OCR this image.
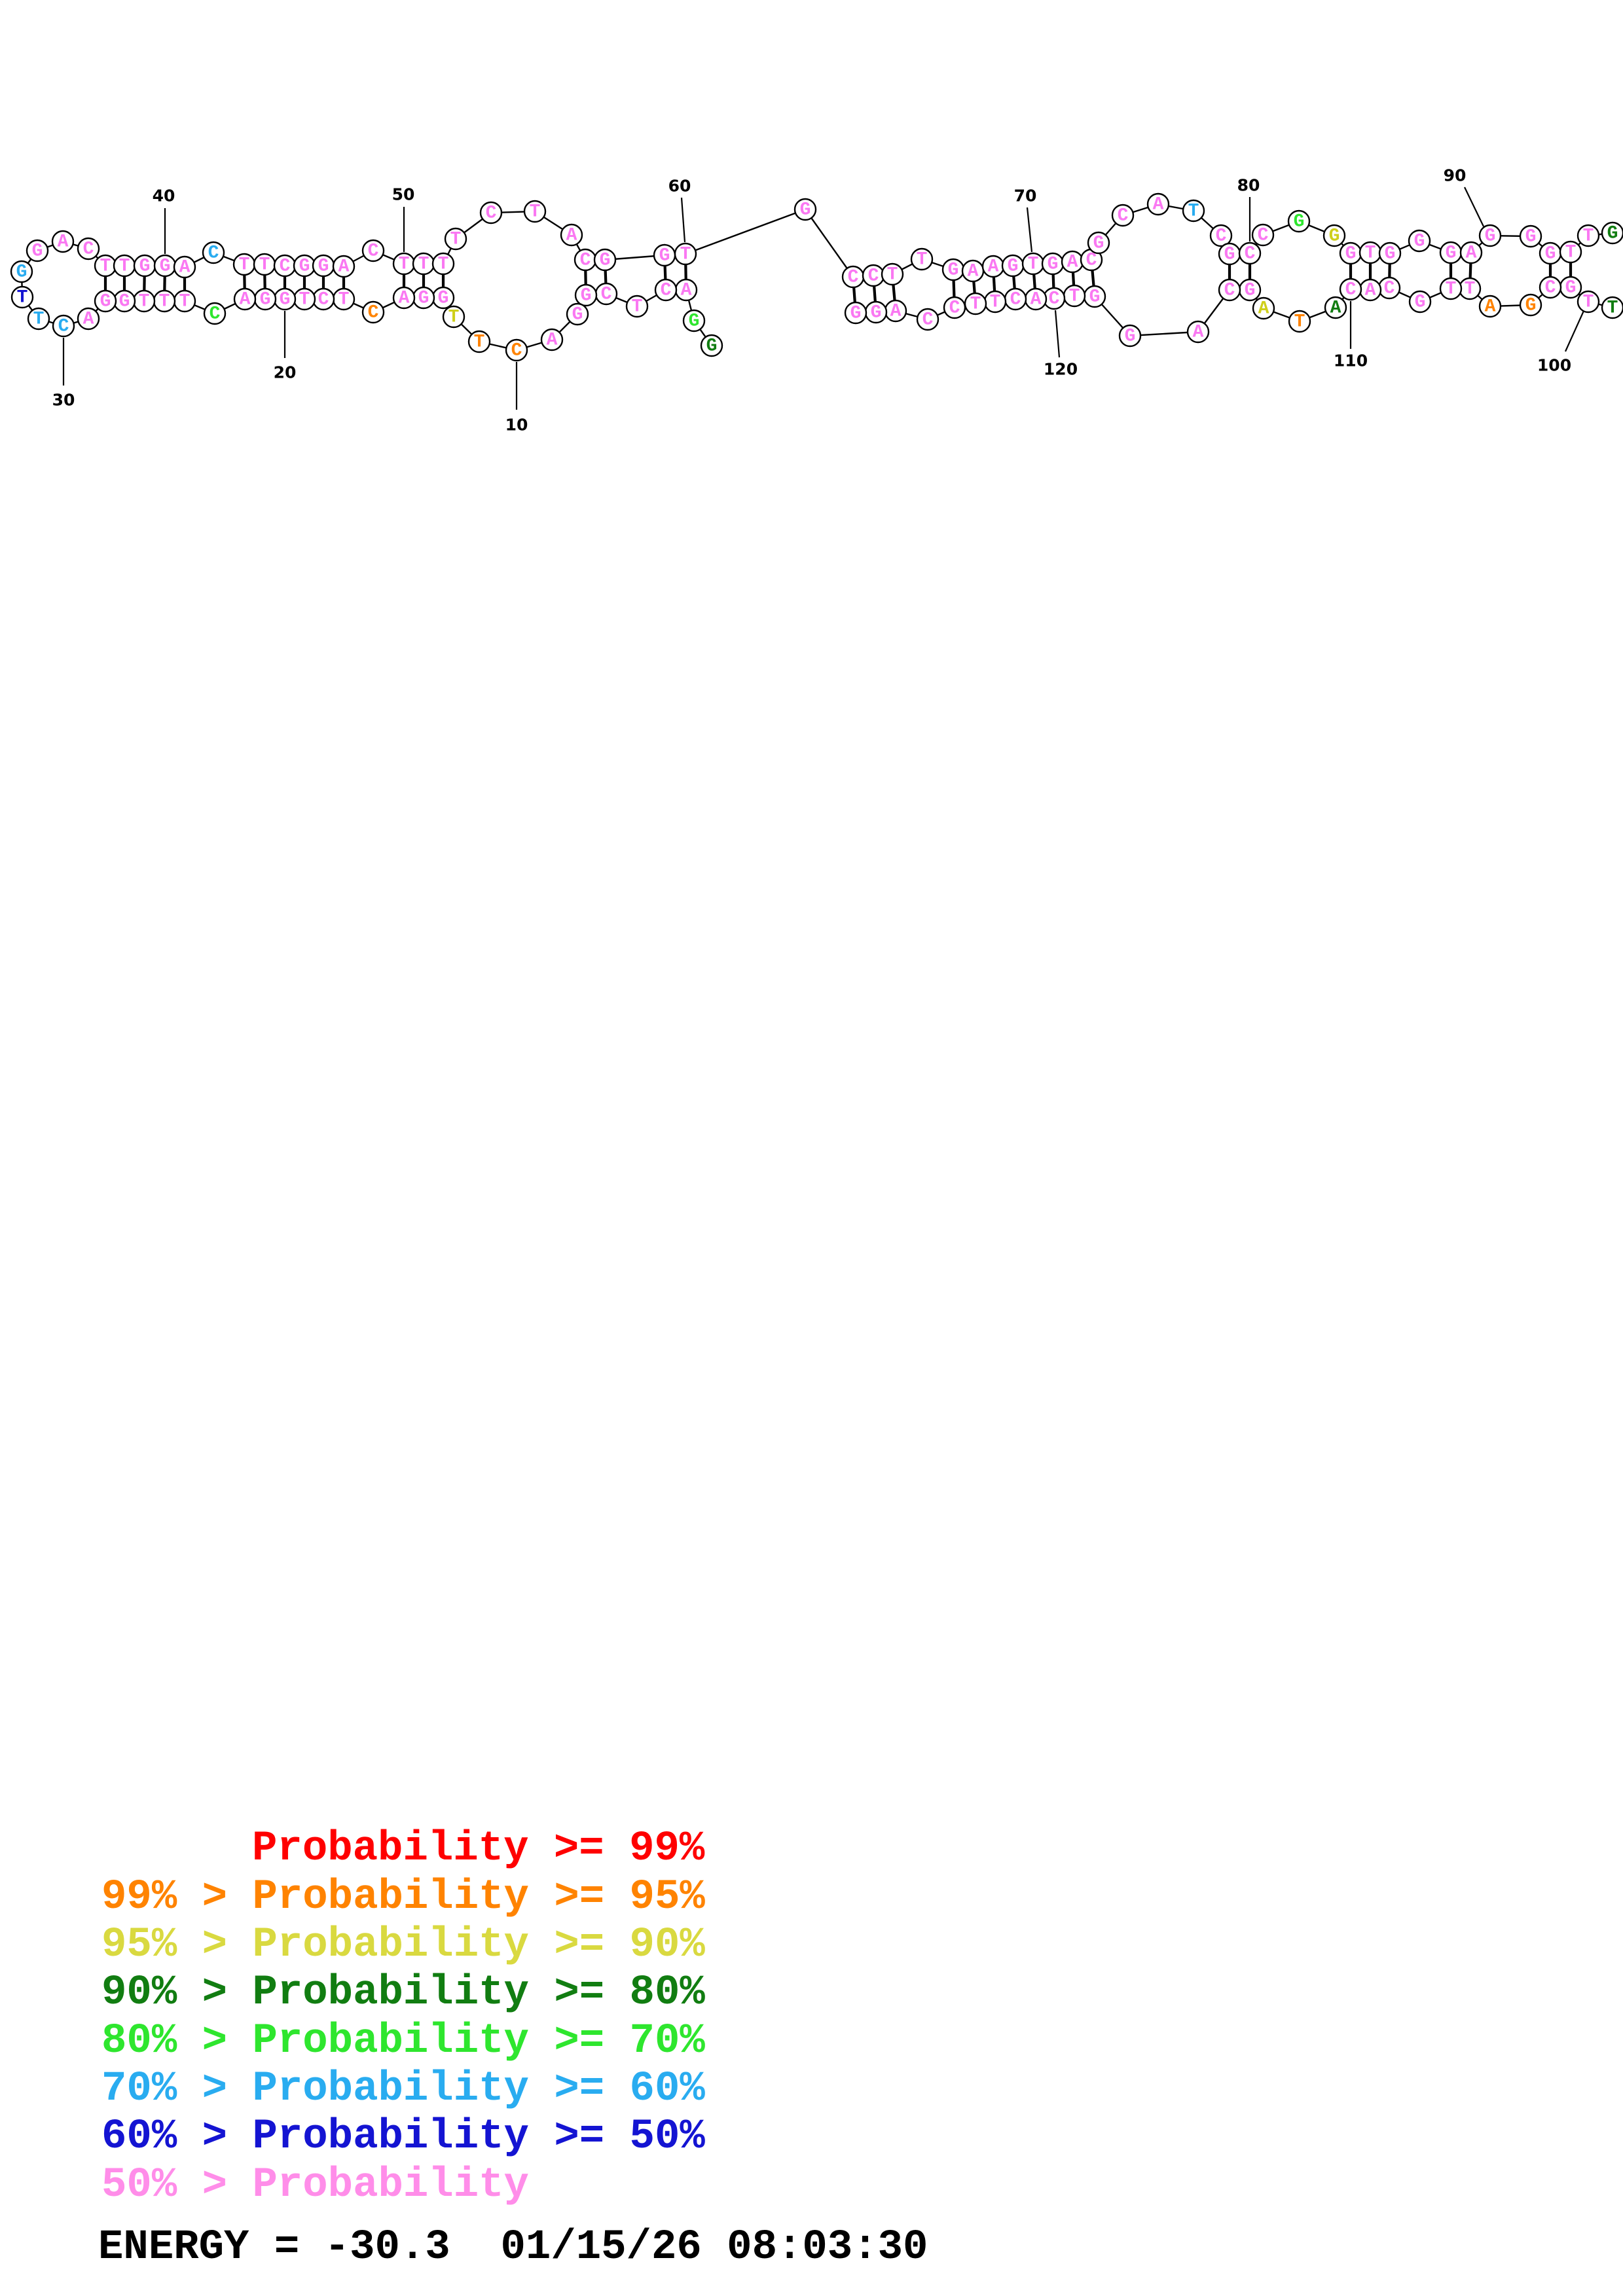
G
G
A
C
T
C
G
G
A
C
T
T
G
G
A
C
T
C
T
G
G
A
C
T
T
T
G
G
A
C
T
T
G
G A C
T T G G A
C
T T C G G A
C
T T T
T
C T
A
C G	G T
G
C C T
T
G A A G T G A C
G
C
A T
C
G C
C
G
G
G T G
G
G A
G G
G T
T G
T
T
G
C
G
A
T
T
G
C
A
C
A
T
A
G
C
A
G
G
T
C
A
C
T
T
C
C
A
G
G
10
20
30
40	50	60
70
80
90
100
110
120
Probability >= 99%
99% > Probability >= 95%
95% > Probability >= 90%
90% > Probability >= 80%
80% > Probability >= 70%
70% > Probability >= 60%
60% > Probability >= 50%
50% > Probability
ENERGY = -30.3  01/15/26 08:03:30
